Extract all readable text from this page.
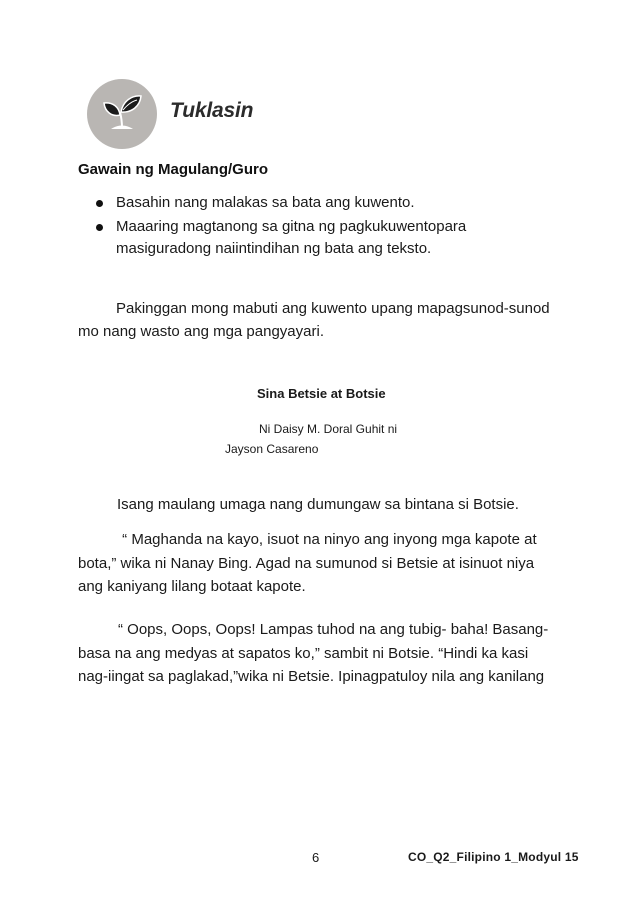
Tuklasin
Gawain ng Magulang/Guro
Basahin nang malakas sa bata ang kuwento.
Maaaring magtanong sa gitna ng pagkukuwentopara masiguradong naiintindihan ng bata ang teksto.
Pakinggan mong mabuti ang kuwento upang mapagsunod-sunod mo nang wasto ang mga pangyayari.
Sina Betsie at Botsie
Ni Daisy M. Doral Guhit ni
Jayson Casareno
Isang maulang umaga nang dumungaw sa bintana si Botsie.
“ Maghanda na kayo, isuot na ninyo ang inyong mga kapote at bota,” wika ni Nanay Bing. Agad na sumunod si Betsie at isinuot niya ang kaniyang lilang botaat kapote.
“ Oops, Oops, Oops! Lampas tuhod na ang tubig- baha! Basang-basa na ang medyas at sapatos ko,” sambit ni Botsie. “Hindi ka kasi nag-iingat sa paglakad,”wika ni Betsie. Ipinagpatuloy nila ang kanilang
6	CO_Q2_Filipino 1_Modyul 15
